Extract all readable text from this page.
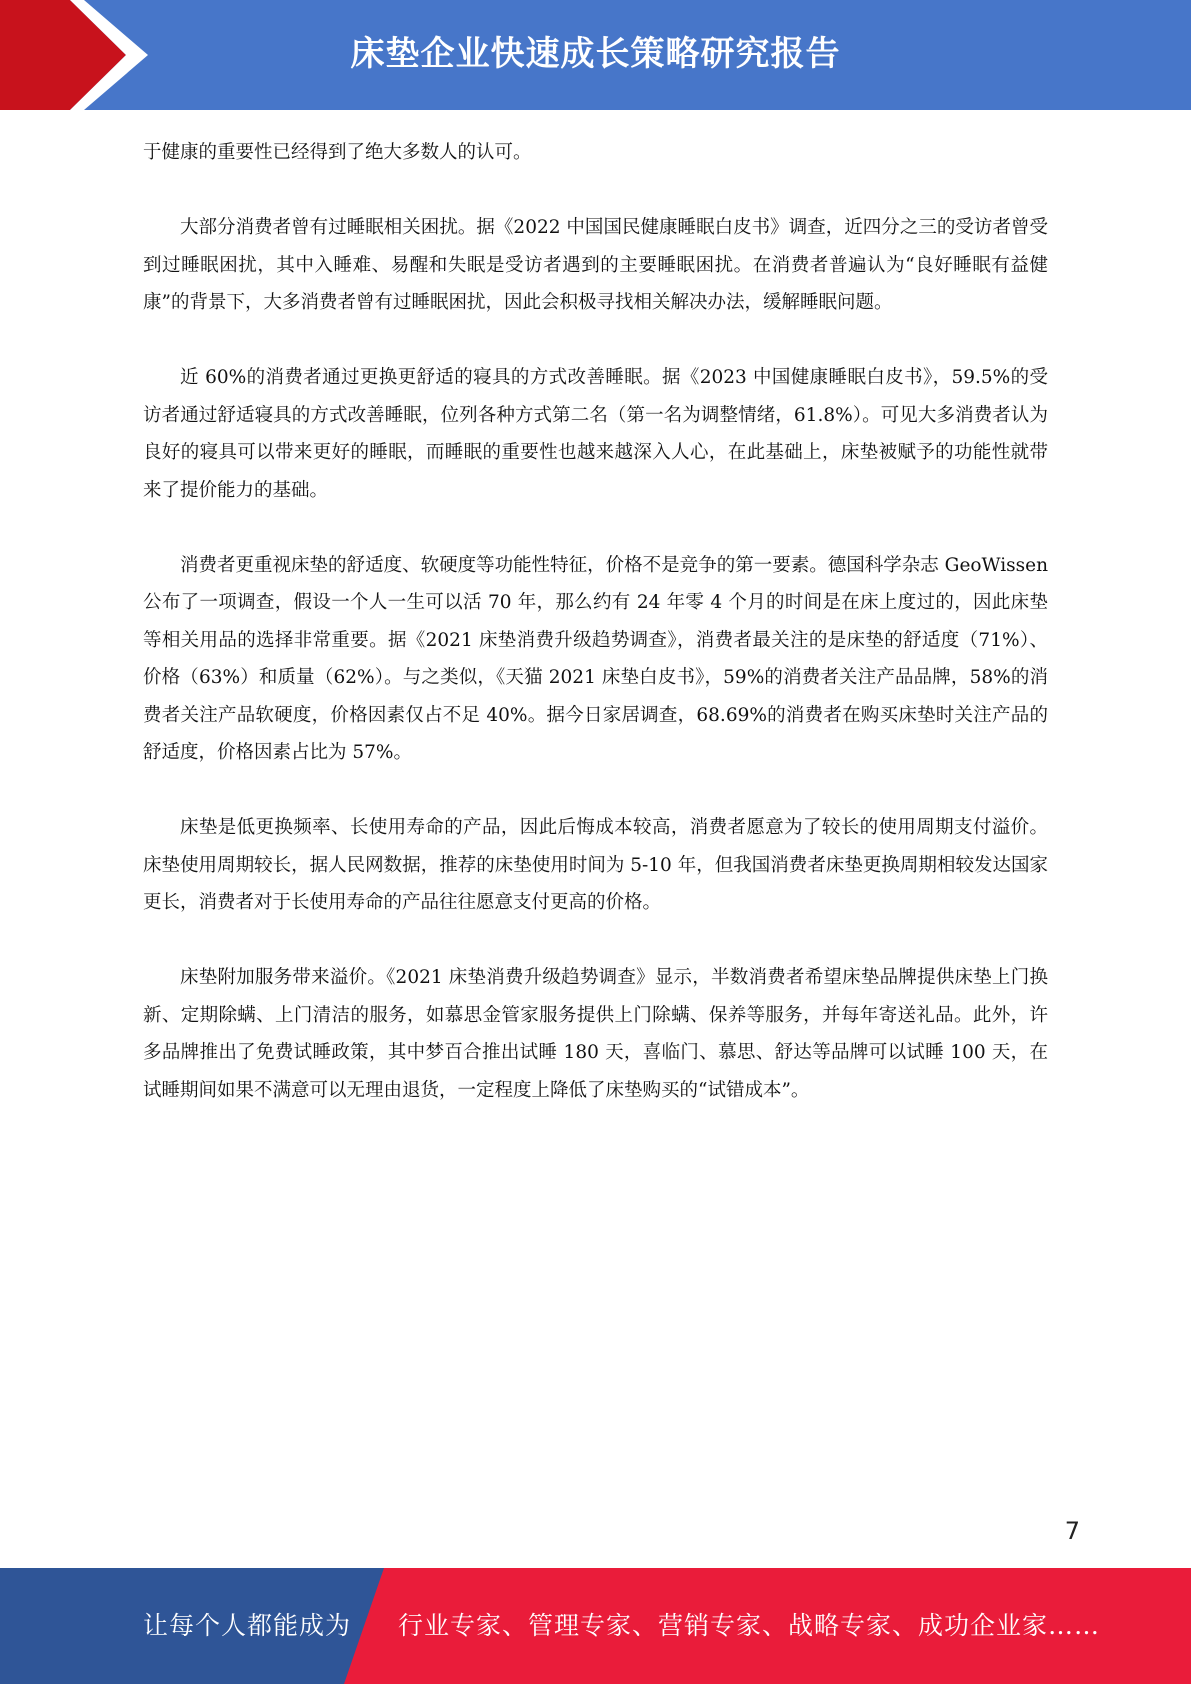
床垫企业快速成长策略研究报告

于健康的重要性已经得到了绝大多数人的认可。

大部分消费者曾有过睡眠相关困扰。据《2022 中国国民健康睡眠白皮书》调查，近四分之三的受访者曾受到过睡眠困扰，其中入睡难、易醒和失眠是受访者遇到的主要睡眠困扰。在消费者普遍认为“良好睡眠有益健康”的背景下，大多消费者曾有过睡眠困扰，因此会积极寻找相关解决办法，缓解睡眠问题。

近 60%的消费者通过更换更舒适的寝具的方式改善睡眠。据《2023 中国健康睡眠白皮书》，59.5%的受访者通过舒适寝具的方式改善睡眠，位列各种方式第二名（第一名为调整情绪，61.8%）。可见大多消费者认为良好的寝具可以带来更好的睡眠，而睡眠的重要性也越来越深入人心，在此基础上，床垫被赋予的功能性就带来了提价能力的基础。

消费者更重视床垫的舒适度、软硬度等功能性特征，价格不是竞争的第一要素。德国科学杂志 GeoWissen 公布了一项调查，假设一个人一生可以活 70 年，那么约有 24 年零 4 个月的时间是在床上度过的，因此床垫等相关用品的选择非常重要。据《2021 床垫消费升级趋势调查》，消费者最关注的是床垫的舒适度（71%）、价格（63%）和质量（62%）。与之类似，《天猫 2021 床垫白皮书》，59%的消费者关注产品品牌，58%的消费者关注产品软硬度，价格因素仅占不足 40%。据今日家居调查，68.69%的消费者在购买床垫时关注产品的舒适度，价格因素占比为 57%。

床垫是低更换频率、长使用寿命的产品，因此后悔成本较高，消费者愿意为了较长的使用周期支付溢价。床垫使用周期较长，据人民网数据，推荐的床垫使用时间为 5-10 年，但我国消费者床垫更换周期相较发达国家更长，消费者对于长使用寿命的产品往往愿意支付更高的价格。

床垫附加服务带来溢价。《2021 床垫消费升级趋势调查》显示，半数消费者希望床垫品牌提供床垫上门换新、定期除螨、上门清洁的服务，如慕思金管家服务提供上门除螨、保养等服务，并每年寄送礼品。此外，许多品牌推出了免费试睡政策，其中梦百合推出试睡 180 天，喜临门、慕思、舒达等品牌可以试睡 100 天，在试睡期间如果不满意可以无理由退货，一定程度上降低了床垫购买的“试错成本”。

7
让每个人都能成为 行业专家、管理专家、营销专家、战略专家、成功企业家……
